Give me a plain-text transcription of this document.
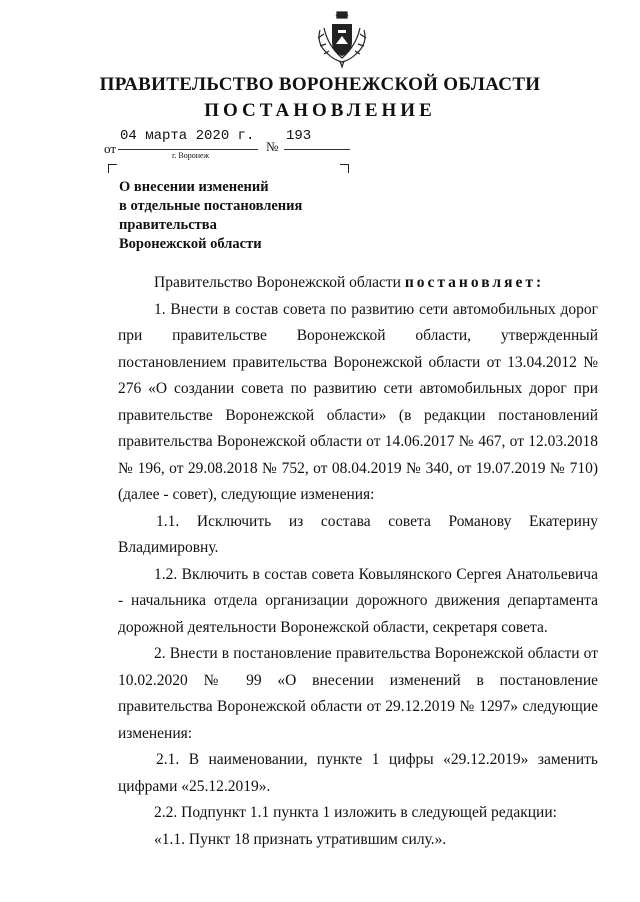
ПРАВИТЕЛЬСТВО ВОРОНЕЖСКОЙ ОБЛАСТИ
ПОСТАНОВЛЕНИЕ
от
04 марта 2020 г.
№
193
г. Воронеж
О внесении изменений
в отдельные постановления
правительства
Воронежской области

Правительство Воронежской области постановляет:

1. Внести в состав совета по развитию сети автомобильных дорог при правительстве Воронежской области, утвержденный постановлением правительства Воронежской области от 13.04.2012 № 276 «О создании совета по развитию сети автомобильных дорог при правительстве Воронежской области» (в редакции постановлений правительства Воронежской области от 14.06.2017 № 467, от 12.03.2018 № 196, от 29.08.2018 № 752, от 08.04.2019 № 340, от 19.07.2019 № 710) (далее - совет), следующие изменения:

1.1. Исключить из состава совета Романову Екатерину Владимировну.

1.2. Включить в состав совета Ковылянского Сергея Анатольевича - начальника отдела организации дорожного движения департамента дорожной деятельности Воронежской области, секретаря совета.

2. Внести в постановление правительства Воронежской области от 10.02.2020 № 99 «О внесении изменений в постановление правительства Воронежской области от 29.12.2019 № 1297» следующие изменения:

2.1. В наименовании, пункте 1 цифры «29.12.2019» заменить цифрами «25.12.2019».

2.2. Подпункт 1.1 пункта 1 изложить в следующей редакции:

«1.1. Пункт 18 признать утратившим силу.».
